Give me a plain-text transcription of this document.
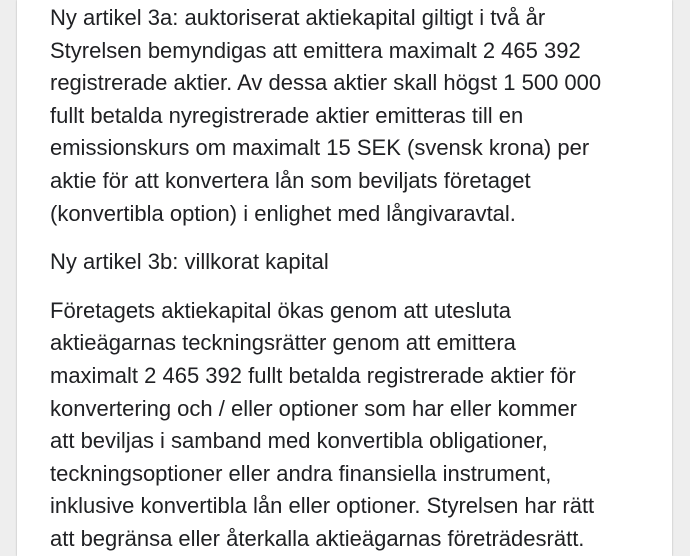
Ny artikel 3a: auktoriserat aktiekapital giltigt i två år
Styrelsen bemyndigas att emittera maximalt 2 465 392
registrerade aktier. Av dessa aktier skall högst 1 500 000
fullt betalda nyregistrerade aktier emitteras till en
emissionskurs om maximalt 15 SEK (svensk krona) per
aktie för att konvertera lån som beviljats företaget
(konvertibla option) i enlighet med långivaravtal.

Ny artikel 3b: villkorat kapital

Företagets aktiekapital ökas genom att utesluta
aktieägarnas teckningsrätter genom att emittera
maximalt 2 465 392 fullt betalda registrerade aktier för
konvertering och / eller optioner som har eller kommer
att beviljas i samband med konvertibla obligationer,
teckningsoptioner eller andra finansiella instrument,
inklusive konvertibla lån eller optioner. Styrelsen har rätt
att begränsa eller återkalla aktieägarnas företrädesrätt.
